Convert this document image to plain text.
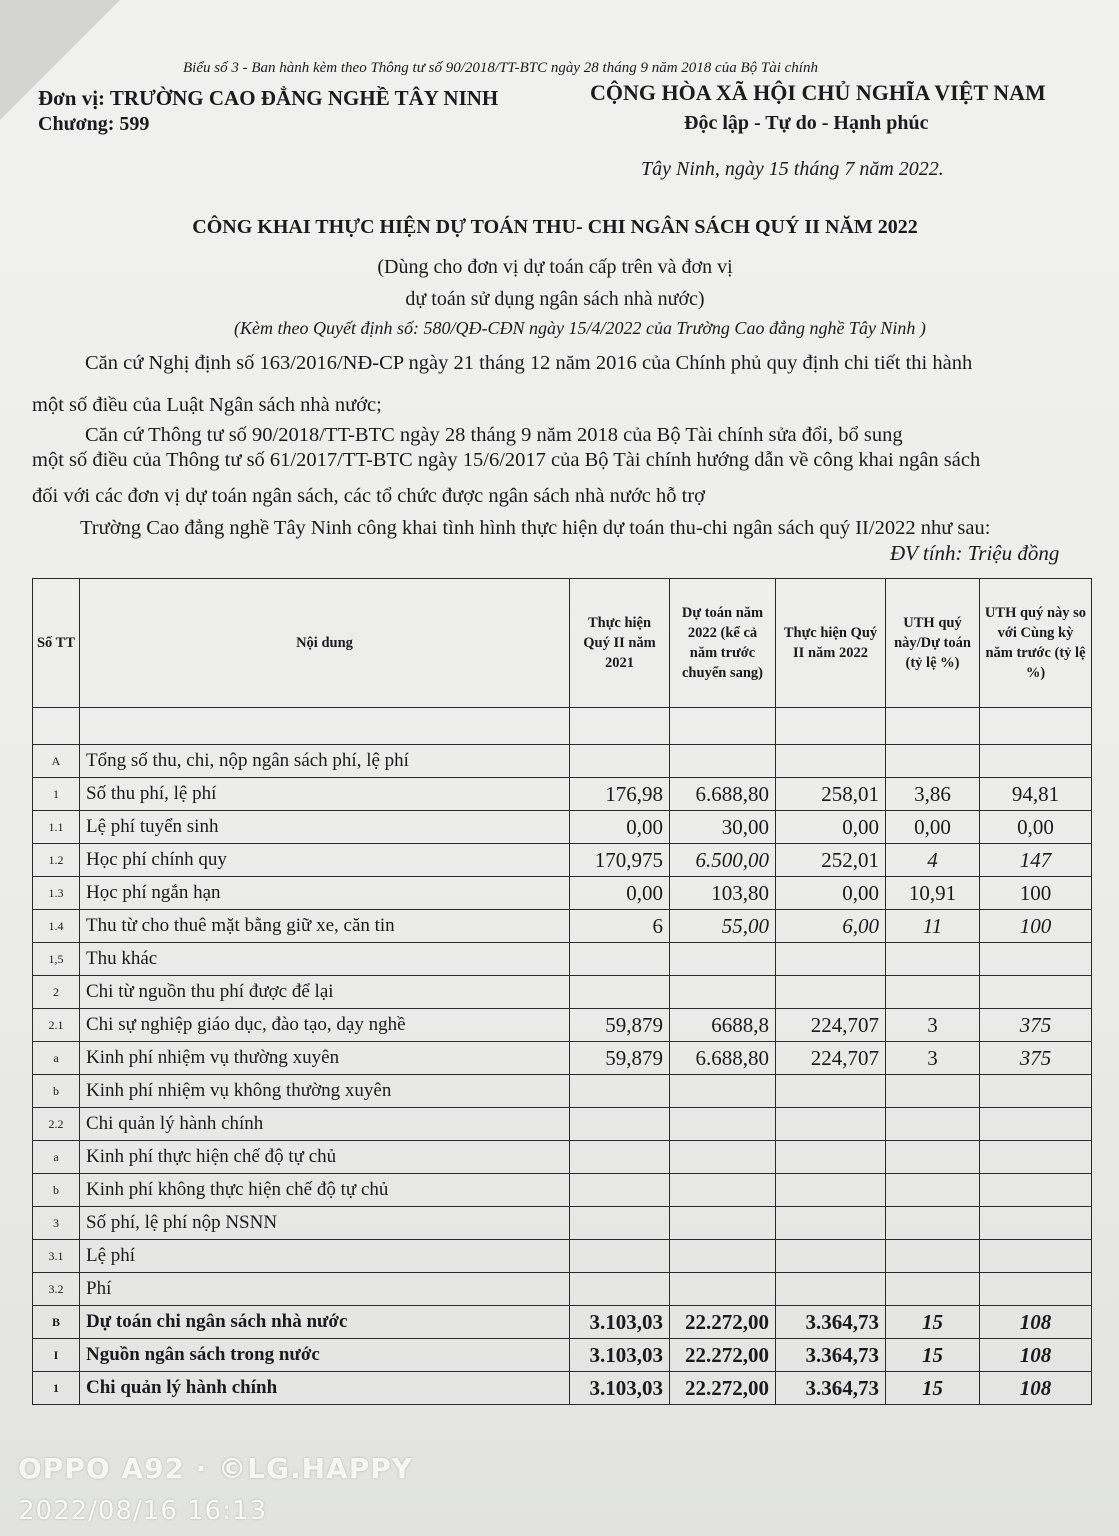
Biểu số 3 - Ban hành kèm theo Thông tư số 90/2018/TT-BTC ngày 28 tháng 9 năm 2018 của Bộ Tài chính
Đơn vị: TRƯỜNG CAO ĐẲNG NGHỀ TÂY NINH
Chương: 599
CỘNG HÒA XÃ HỘI CHỦ NGHĨA VIỆT NAM
Độc lập - Tự do - Hạnh phúc
Tây Ninh, ngày 15 tháng 7 năm 2022.
CÔNG KHAI THỰC HIỆN DỰ TOÁN THU- CHI NGÂN SÁCH QUÝ II NĂM 2022
(Dùng cho đơn vị dự toán cấp trên và đơn vị
dự toán sử dụng ngân sách nhà nước)
(Kèm theo Quyết định số: 580/QĐ-CĐN ngày 15/4/2022 của Trường Cao đẳng nghề Tây Ninh )
Căn cứ Nghị định số 163/2016/NĐ-CP ngày 21 tháng 12 năm 2016 của Chính phủ quy định chi tiết thi hành
một số điều của Luật Ngân sách nhà nước;
Căn cứ Thông tư số 90/2018/TT-BTC ngày 28 tháng 9 năm 2018 của Bộ Tài chính sửa đổi, bổ sung
một số điều của Thông tư số 61/2017/TT-BTC ngày 15/6/2017 của Bộ Tài chính hướng dẫn về công khai ngân sách
đối với các đơn vị dự toán ngân sách, các tổ chức được ngân sách nhà nước hỗ trợ
Trường Cao đẳng nghề Tây Ninh công khai tình hình thực hiện dự toán thu-chi ngân sách quý II/2022 như sau:
ĐV tính: Triệu đồng
Số TT	Nội dung	Thực hiện Quý II năm 2021	Dự toán năm 2022 (kể cả năm trước chuyển sang)	Thực hiện Quý II năm 2022	UTH quý này/Dự toán (tỷ lệ %)	UTH quý này so với Cùng kỳ năm trước (tỷ lệ %)

A	Tổng số thu, chi, nộp ngân sách phí, lệ phí					
1	Số thu phí, lệ phí	176,98	6.688,80	258,01	3,86	94,81
1.1	Lệ phí tuyển sinh	0,00	30,00	0,00	0,00	0,00
1.2	Học phí chính quy	170,975	6.500,00	252,01	4	147
1.3	Học phí ngắn hạn	0,00	103,80	0,00	10,91	100
1.4	Thu từ cho thuê mặt bằng giữ xe, căn tin	6	55,00	6,00	11	100
1,5	Thu khác					
2	Chi từ nguồn thu phí được để lại					
2.1	Chi sự nghiệp giáo dục, đào tạo, dạy nghề	59,879	6688,8	224,707	3	375
a	Kinh phí nhiệm vụ thường xuyên	59,879	6.688,80	224,707	3	375
b	Kinh phí nhiệm vụ không thường xuyên					
2.2	Chi quản lý hành chính					
a	Kinh phí thực hiện chế độ tự chủ					
b	Kinh phí không thực hiện chế độ tự chủ					
3	Số phí, lệ phí nộp NSNN					
3.1	Lệ phí					
3.2	Phí					
B	Dự toán chi ngân sách nhà nước	3.103,03	22.272,00	3.364,73	15	108
I	Nguồn ngân sách trong nước	3.103,03	22.272,00	3.364,73	15	108
1	Chi quản lý hành chính	3.103,03	22.272,00	3.364,73	15	108
OPPO A92 · ©LG.HAPPY
2022/08/16 16:13
